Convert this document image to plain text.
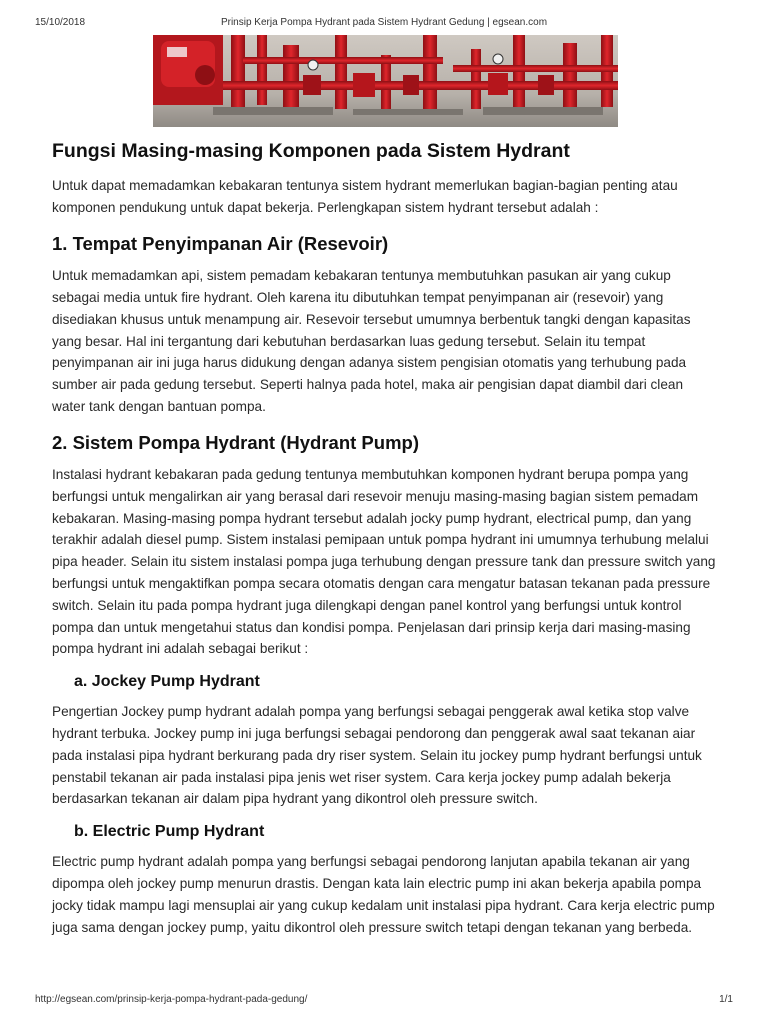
15/10/2018	Prinsip Kerja Pompa Hydrant pada Sistem Hydrant Gedung | egsean.com
Fungsi Masing-masing Komponen pada Sistem Hydrant

Untuk dapat memadamkan kebakaran tentunya sistem hydrant memerlukan bagian-bagian penting atau komponen pendukung untuk dapat bekerja. Perlengkapan sistem hydrant tersebut adalah :

1. Tempat Penyimpanan Air (Resevoir)

Untuk memadamkan api, sistem pemadam kebakaran tentunya membutuhkan pasukan air yang cukup sebagai media untuk fire hydrant. Oleh karena itu dibutuhkan tempat penyimpanan air (resevoir) yang disediakan khusus untuk menampung air. Resevoir tersebut umumnya berbentuk tangki dengan kapasitas yang besar. Hal ini tergantung dari kebutuhan berdasarkan luas gedung tersebut. Selain itu tempat penyimpanan air ini juga harus didukung dengan adanya sistem pengisian otomatis yang terhubung pada sumber air pada gedung tersebut. Seperti halnya pada hotel, maka air pengisian dapat diambil dari clean water tank dengan bantuan pompa.

2. Sistem Pompa Hydrant (Hydrant Pump)

Instalasi hydrant kebakaran pada gedung tentunya membutuhkan komponen hydrant berupa pompa yang berfungsi untuk mengalirkan air yang berasal dari resevoir menuju masing-masing bagian sistem pemadam kebakaran. Masing-masing pompa hydrant tersebut adalah jocky pump hydrant, electrical pump, dan yang terakhir adalah diesel pump. Sistem instalasi pemipaan untuk pompa hydrant ini umumnya terhubung melalui pipa header. Selain itu sistem instalasi pompa juga terhubung dengan pressure tank dan pressure switch yang berfungsi untuk mengaktifkan pompa secara otomatis dengan cara mengatur batasan tekanan pada pressure switch. Selain itu pada pompa hydrant juga dilengkapi dengan panel kontrol yang berfungsi untuk kontrol pompa dan untuk mengetahui status dan kondisi pompa. Penjelasan dari prinsip kerja dari masing-masing pompa hydrant ini adalah sebagai berikut :

a. Jockey Pump Hydrant

Pengertian Jockey pump hydrant adalah pompa yang berfungsi sebagai penggerak awal ketika stop valve hydrant terbuka. Jockey pump ini juga berfungsi sebagai pendorong dan penggerak awal saat tekanan aiar pada instalasi pipa hydrant berkurang pada dry riser system. Selain itu jockey pump hydrant berfungsi untuk penstabil tekanan air pada instalasi pipa jenis wet riser system. Cara kerja jockey pump adalah bekerja berdasarkan tekanan air dalam pipa hydrant yang dikontrol oleh pressure switch.

b. Electric Pump Hydrant

Electric pump hydrant adalah pompa yang berfungsi sebagai pendorong lanjutan apabila tekanan air yang dipompa oleh jockey pump menurun drastis. Dengan kata lain electric pump ini akan bekerja apabila pompa jocky tidak mampu lagi mensuplai air yang cukup kedalam unit instalasi pipa hydrant. Cara kerja electric pump juga sama dengan jockey pump, yaitu dikontrol oleh pressure switch tetapi dengan tekanan yang berbeda.

http://egsean.com/prinsip-kerja-pompa-hydrant-pada-gedung/	1/1
